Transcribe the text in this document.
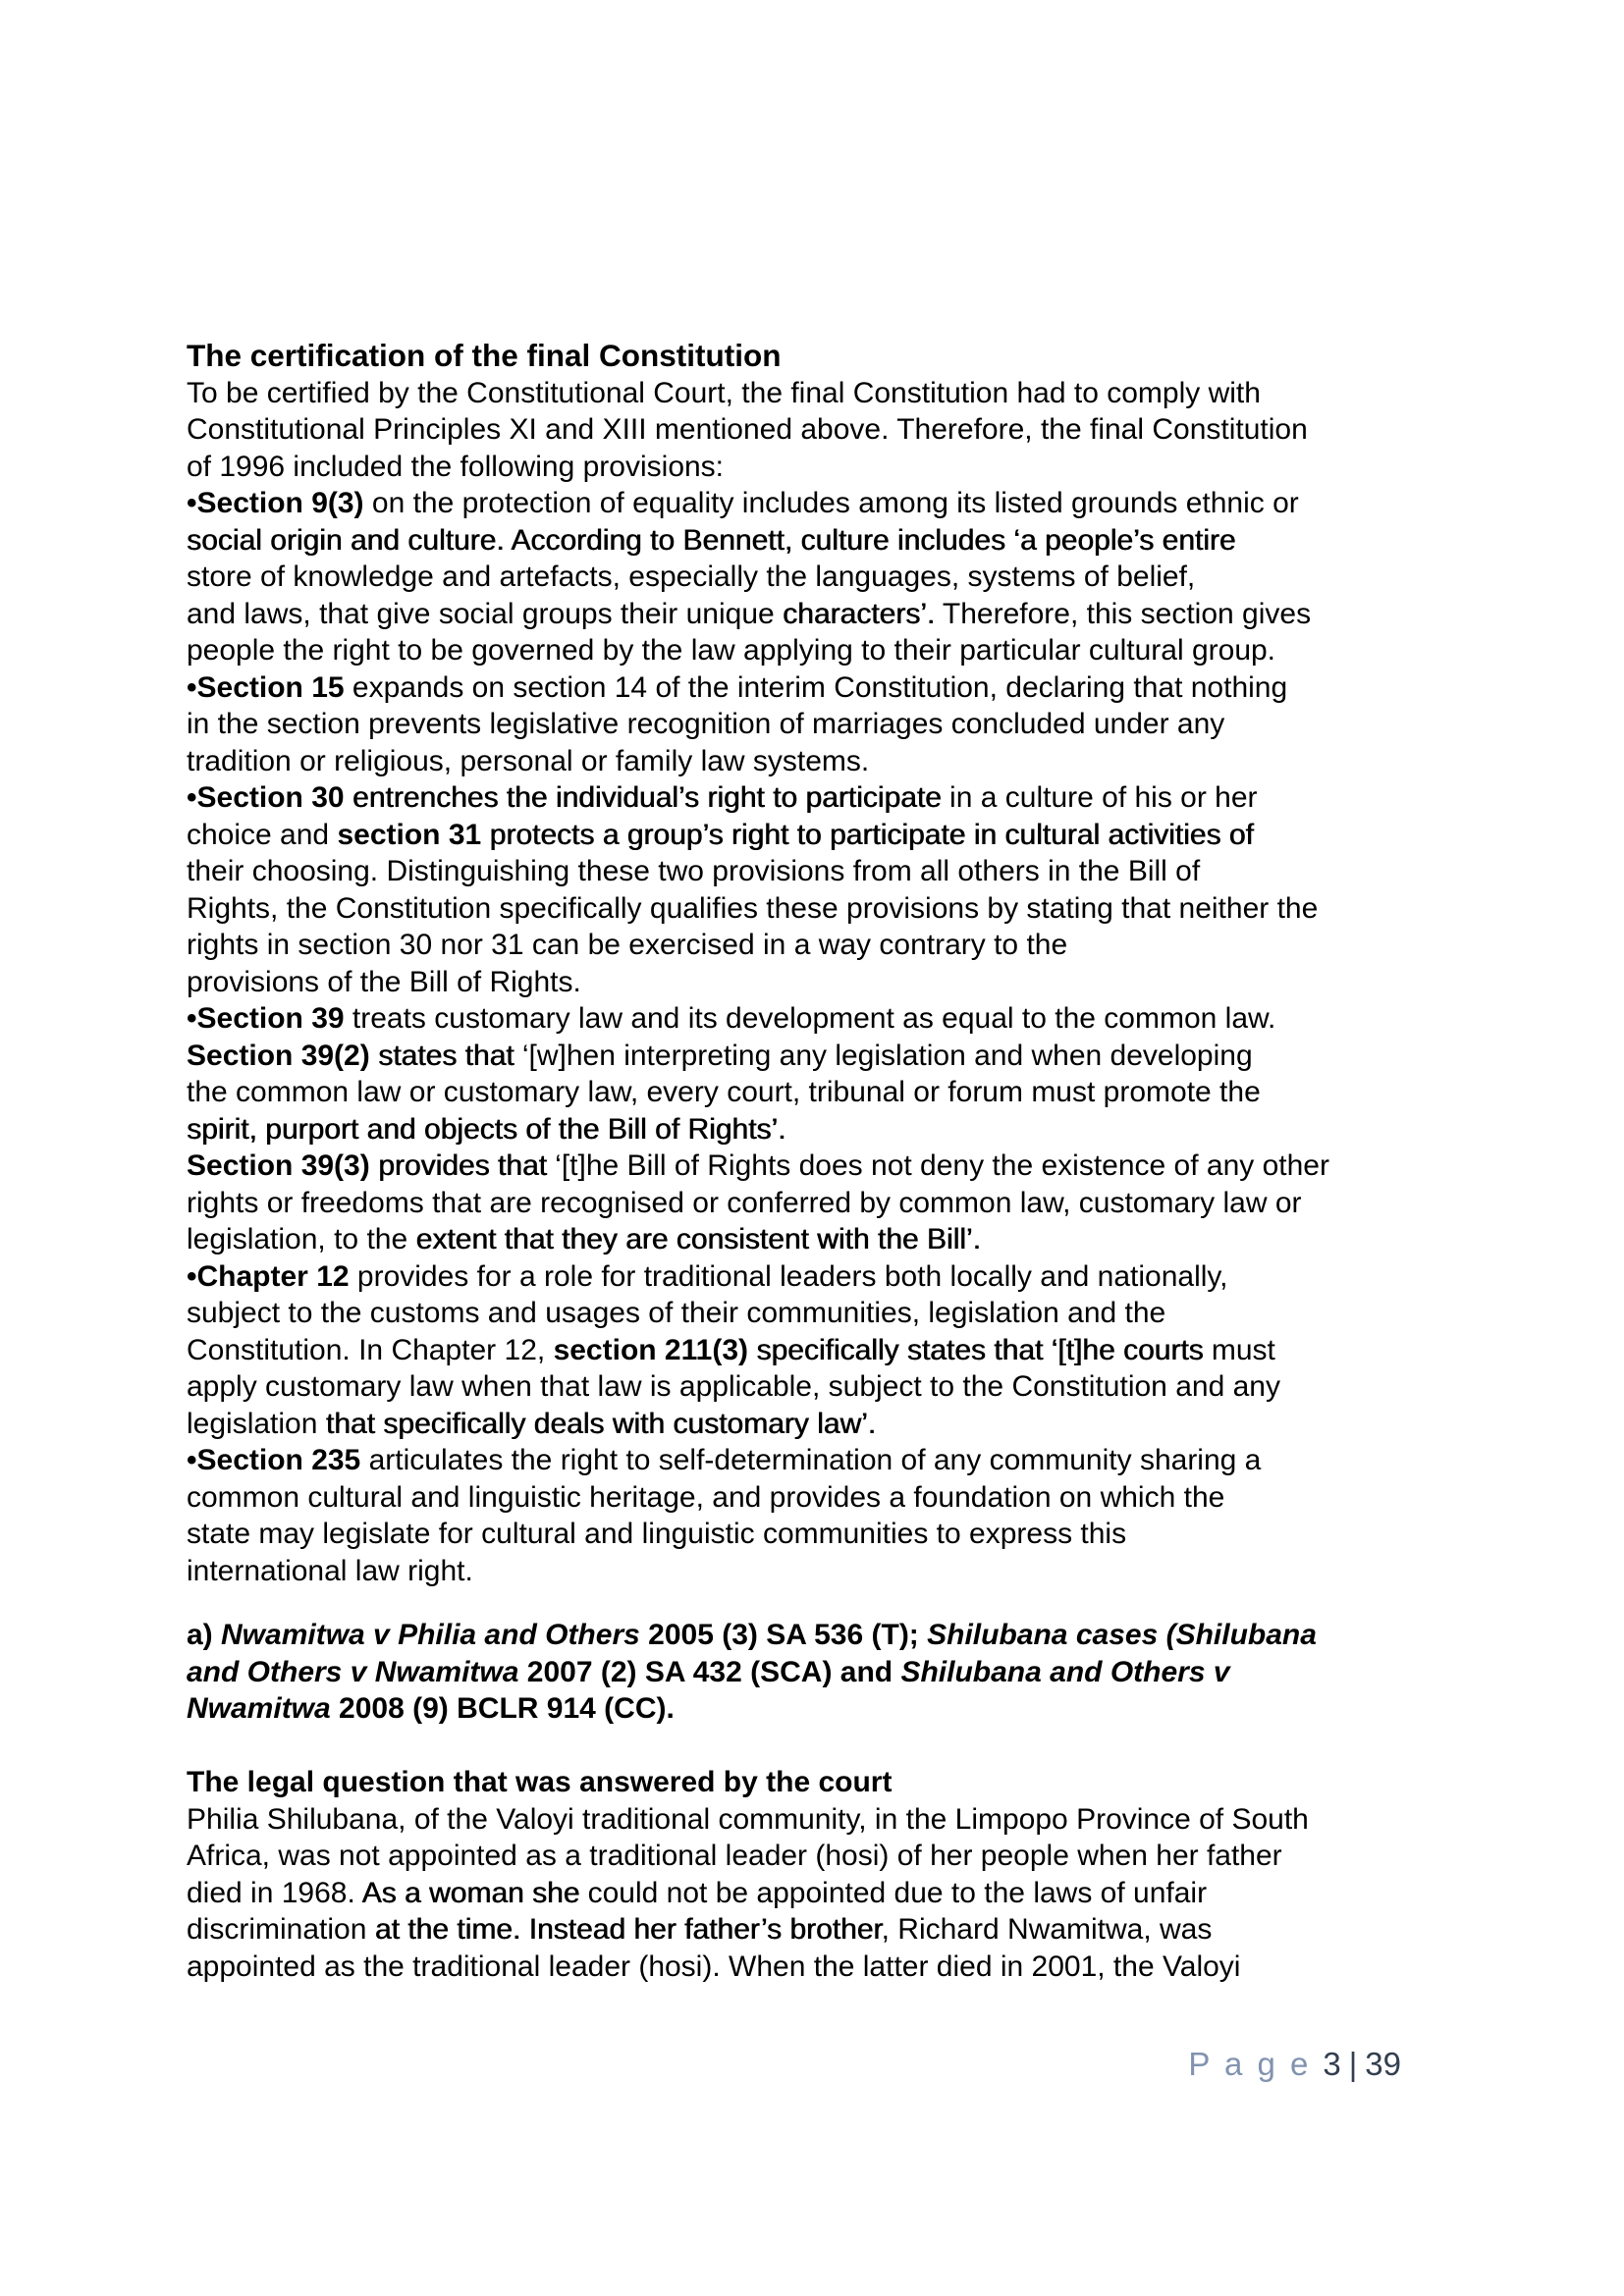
The certification of the final Constitution
To be certified by the Constitutional Court, the final Constitution had to comply with
Constitutional Principles XI and XIII mentioned above. Therefore, the final Constitution
of 1996 included the following provisions:
•Section 9(3) on the protection of equality includes among its listed grounds ethnic or
social origin and culture. According to Bennett, culture includes ‘a people’s entire
store of knowledge and artefacts, especially the languages, systems of belief,
and laws, that give social groups their unique characters’. Therefore, this section gives
people the right to be governed by the law applying to their particular cultural group.
•Section 15 expands on section 14 of the interim Constitution, declaring that nothing
in the section prevents legislative recognition of marriages concluded under any
tradition or religious, personal or family law systems.
•Section 30 entrenches the individual’s right to participate in a culture of his or her
choice and section 31 protects a group’s right to participate in cultural activities of
their choosing. Distinguishing these two provisions from all others in the Bill of
Rights, the Constitution specifically qualifies these provisions by stating that neither the
rights in section 30 nor 31 can be exercised in a way contrary to the
provisions of the Bill of Rights.
•Section 39 treats customary law and its development as equal to the common law.
Section 39(2) states that ‘[w]hen interpreting any legislation and when developing
the common law or customary law, every court, tribunal or forum must promote the
spirit, purport and objects of the Bill of Rights’.
Section 39(3) provides that ‘[t]he Bill of Rights does not deny the existence of any other
rights or freedoms that are recognised or conferred by common law, customary law or
legislation, to the extent that they are consistent with the Bill’.
•Chapter 12 provides for a role for traditional leaders both locally and nationally,
subject to the customs and usages of their communities, legislation and the
Constitution. In Chapter 12, section 211(3) specifically states that ‘[t]he courts must
apply customary law when that law is applicable, subject to the Constitution and any
legislation that specifically deals with customary law’.
•Section 235 articulates the right to self-determination of any community sharing a
common cultural and linguistic heritage, and provides a foundation on which the
state may legislate for cultural and linguistic communities to express this
international law right.
a) Nwamitwa v Philia and Others 2005 (3) SA 536 (T); Shilubana cases (Shilubana
and Others v Nwamitwa 2007 (2) SA 432 (SCA) and Shilubana and Others v
Nwamitwa 2008 (9) BCLR 914 (CC).
The legal question that was answered by the court
Philia Shilubana, of the Valoyi traditional community, in the Limpopo Province of South
Africa, was not appointed as a traditional leader (hosi) of her people when her father
died in 1968. As a woman she could not be appointed due to the laws of unfair
discrimination at the time. Instead her father’s brother, Richard Nwamitwa, was
appointed as the traditional leader (hosi). When the latter died in 2001, the Valoyi

P a g e 3 | 39
